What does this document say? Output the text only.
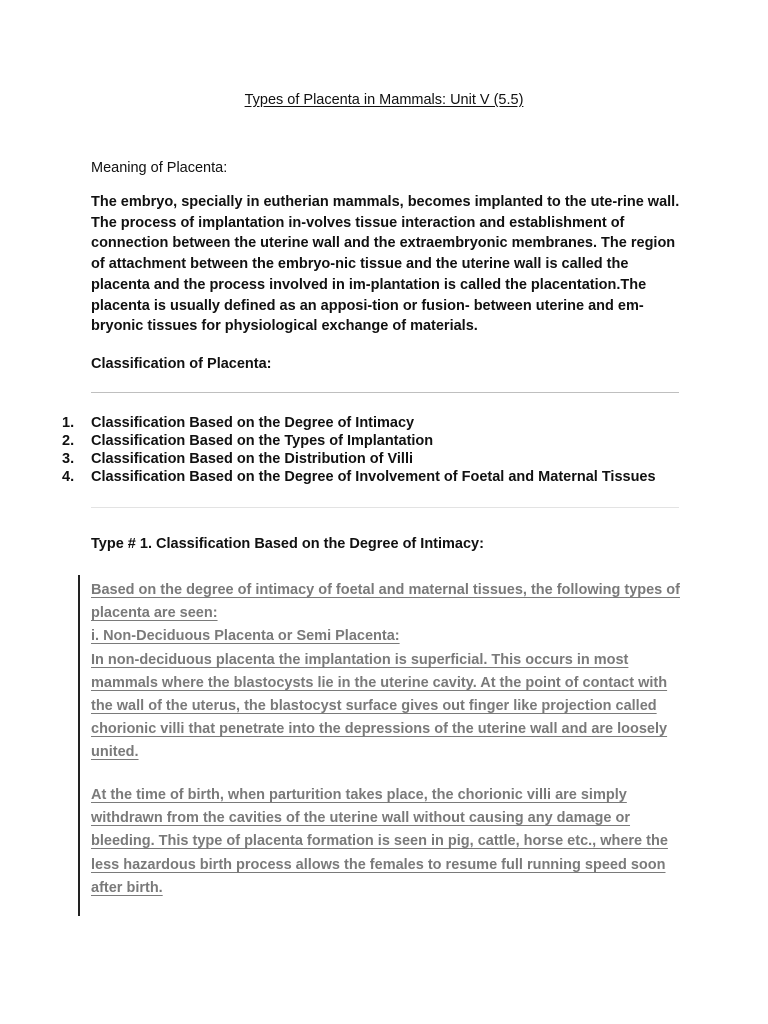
Types of Placenta in Mammals: Unit V (5.5)
Meaning of Placenta:

The embryo, specially in eutherian mammals, becomes implanted to the ute-rine wall. The process of implantation in-volves tissue interaction and establishment of connection between the uterine wall and the extraembryonic membranes. The region of attachment between the embryo-nic tissue and the uterine wall is called the placenta and the process involved in im-plantation is called the placentation.The placenta is usually defined as an apposi-tion or fusion- between uterine and em-bryonic tissues for physiological exchange of materials.

Classification of Placenta:
1.	Classification Based on the Degree of Intimacy
2.	Classification Based on the Types of Implantation
3.	Classification Based on the Distribution of Villi
4.	Classification Based on the Degree of Involvement of Foetal and Maternal Tissues
Type # 1. Classification Based on the Degree of Intimacy:

Based on the degree of intimacy of foetal and maternal tissues, the following types of placenta are seen:
i. Non-Deciduous Placenta or Semi Placenta:
In non-deciduous placenta the implantation is superficial. This occurs in most mammals where the blastocysts lie in the uterine cavity. At the point of contact with the wall of the uterus, the blastocyst surface gives out finger like projection called chorionic villi that penetrate into the depressions of the uterine wall and are loosely united.

At the time of birth, when parturition takes place, the chorionic villi are simply withdrawn from the cavities of the uterine wall without causing any damage or bleeding. This type of placenta formation is seen in pig, cattle, horse etc., where the less hazardous birth process allows the females to resume full running speed soon after birth.
